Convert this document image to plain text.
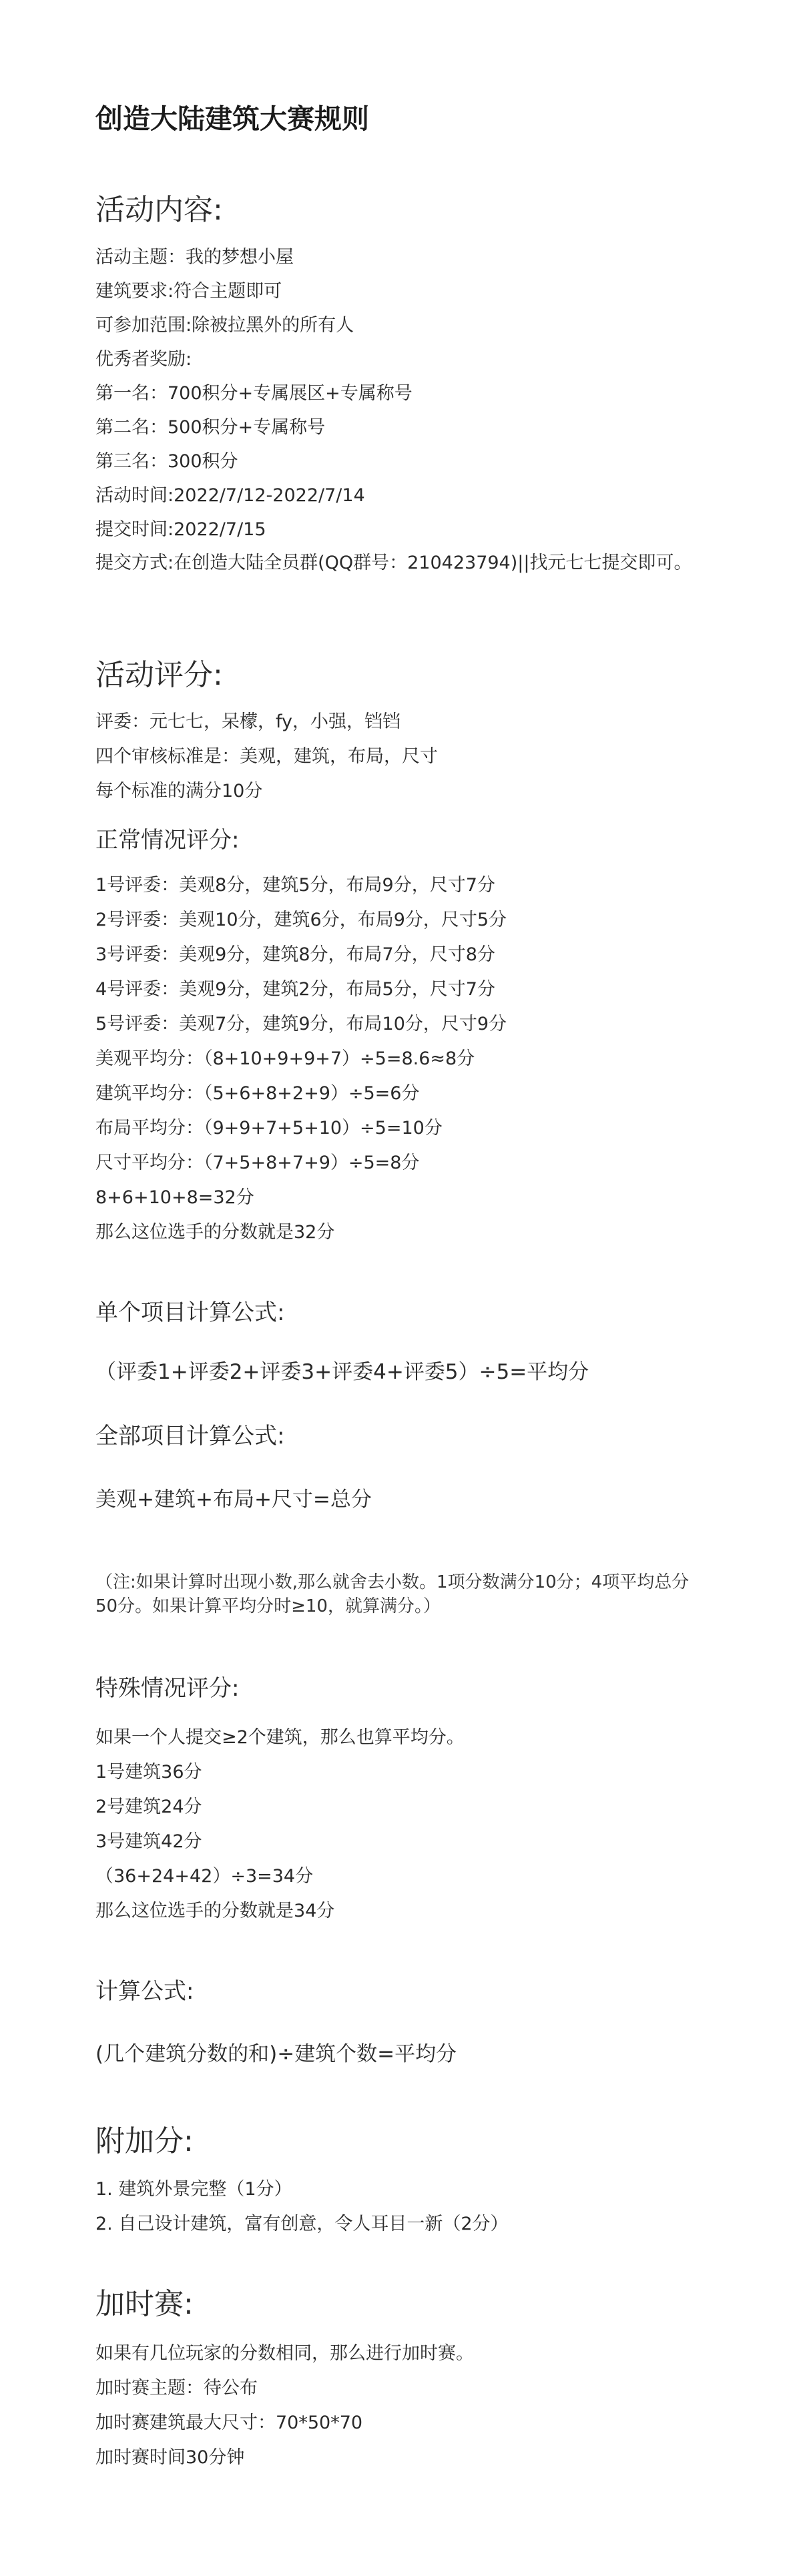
创造大陆建筑大赛规则
活动内容:
活动主题：我的梦想小屋
建筑要求:符合主题即可
可参加范围:除被拉黑外的所有人
优秀者奖励:
第一名：700积分+专属展区+专属称号
第二名：500积分+专属称号
第三名：300积分
活动时间:2022/7/12-2022/7/14
提交时间:2022/7/15
提交方式:在创造大陆全员群(QQ群号：210423794)||找元七七提交即可。
活动评分:
评委：元七七，呆檬，fy，小强，铛铛
四个审核标准是：美观，建筑，布局，尺寸
每个标准的满分10分
正常情况评分:
1号评委：美观8分，建筑5分，布局9分，尺寸7分
2号评委：美观10分，建筑6分，布局9分，尺寸5分
3号评委：美观9分，建筑8分，布局7分，尺寸8分
4号评委：美观9分，建筑2分，布局5分，尺寸7分
5号评委：美观7分，建筑9分，布局10分，尺寸9分
美观平均分：（8+10+9+9+7）÷5=8.6≈8分
建筑平均分：（5+6+8+2+9）÷5=6分
布局平均分：（9+9+7+5+10）÷5=10分
尺寸平均分：（7+5+8+7+9）÷5=8分
8+6+10+8=32分
那么这位选手的分数就是32分
单个项目计算公式:
（评委1+评委2+评委3+评委4+评委5）÷5=平均分
全部项目计算公式:
美观+建筑+布局+尺寸=总分
（注:如果计算时出现小数,那么就舍去小数。1项分数满分10分；4项平均总分50分。如果计算平均分时≥10，就算满分。）
特殊情况评分:
如果一个人提交≥2个建筑，那么也算平均分。
1号建筑36分
2号建筑24分
3号建筑42分
（36+24+42）÷3=34分
那么这位选手的分数就是34分
计算公式:
(几个建筑分数的和)÷建筑个数=平均分
附加分:
1. 建筑外景完整（1分）
2. 自己设计建筑，富有创意，令人耳目一新（2分）
加时赛:
如果有几位玩家的分数相同，那么进行加时赛。
加时赛主题：待公布
加时赛建筑最大尺寸：70*50*70
加时赛时间30分钟
